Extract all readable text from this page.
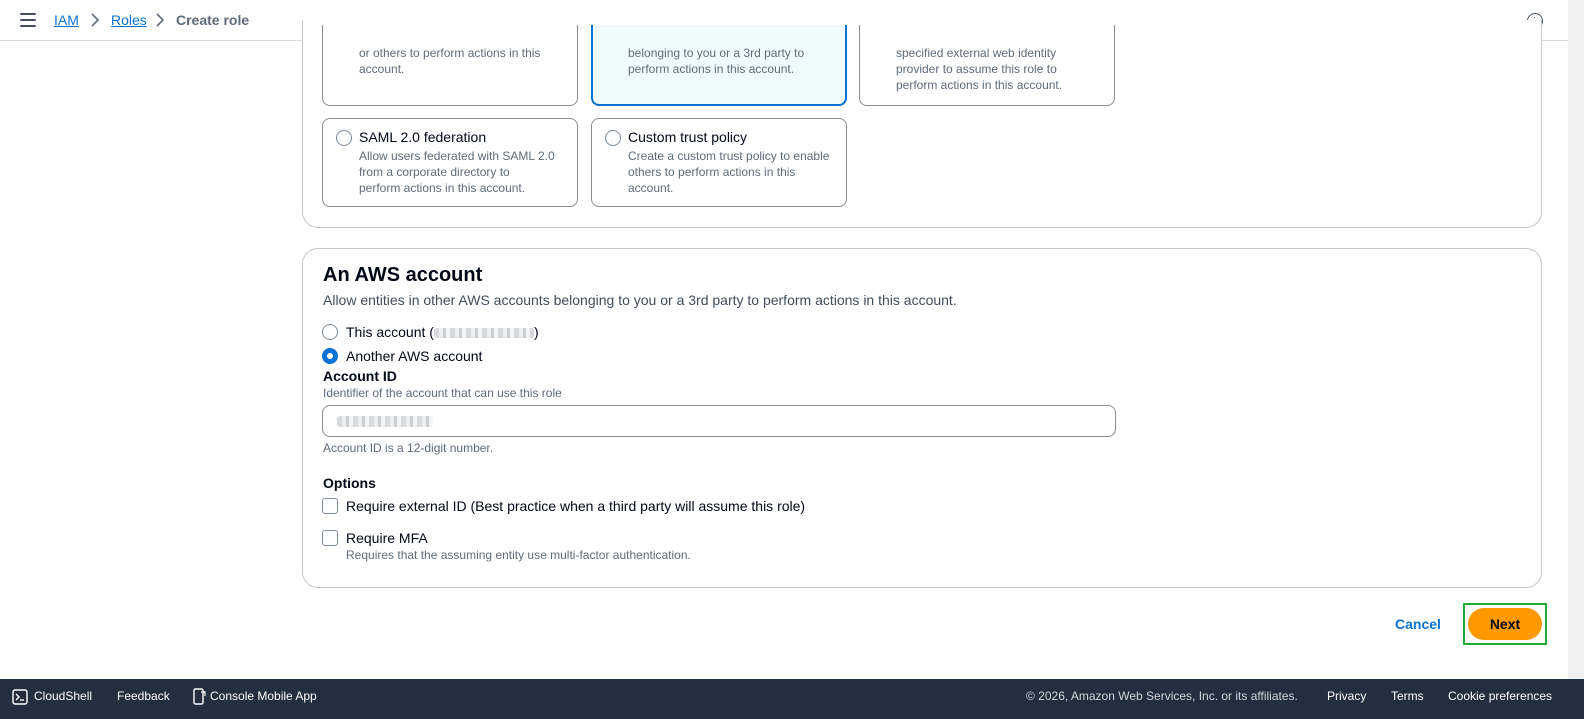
IAM Roles Create role
or others to perform actions in this
account.
belonging to you or a 3rd party to
perform actions in this account.
specified external web identity
provider to assume this role to
perform actions in this account.
SAML 2.0 federation
Allow users federated with SAML 2.0
from a corporate directory to
perform actions in this account.
Custom trust policy
Create a custom trust policy to enable
others to perform actions in this
account.
An AWS account
Allow entities in other AWS accounts belonging to you or a 3rd party to perform actions in this account.
This account (	)
Another AWS account
Account ID
Identifier of the account that can use this role
Account ID is a 12-digit number.
Options
Require external ID (Best practice when a third party will assume this role)
Require MFA
Requires that the assuming entity use multi-factor authentication.
Cancel	Next
CloudShell Feedback	Console Mobile App	© 2026, Amazon Web Services, Inc. or its affiliates. Privacy Terms Cookie preferences
